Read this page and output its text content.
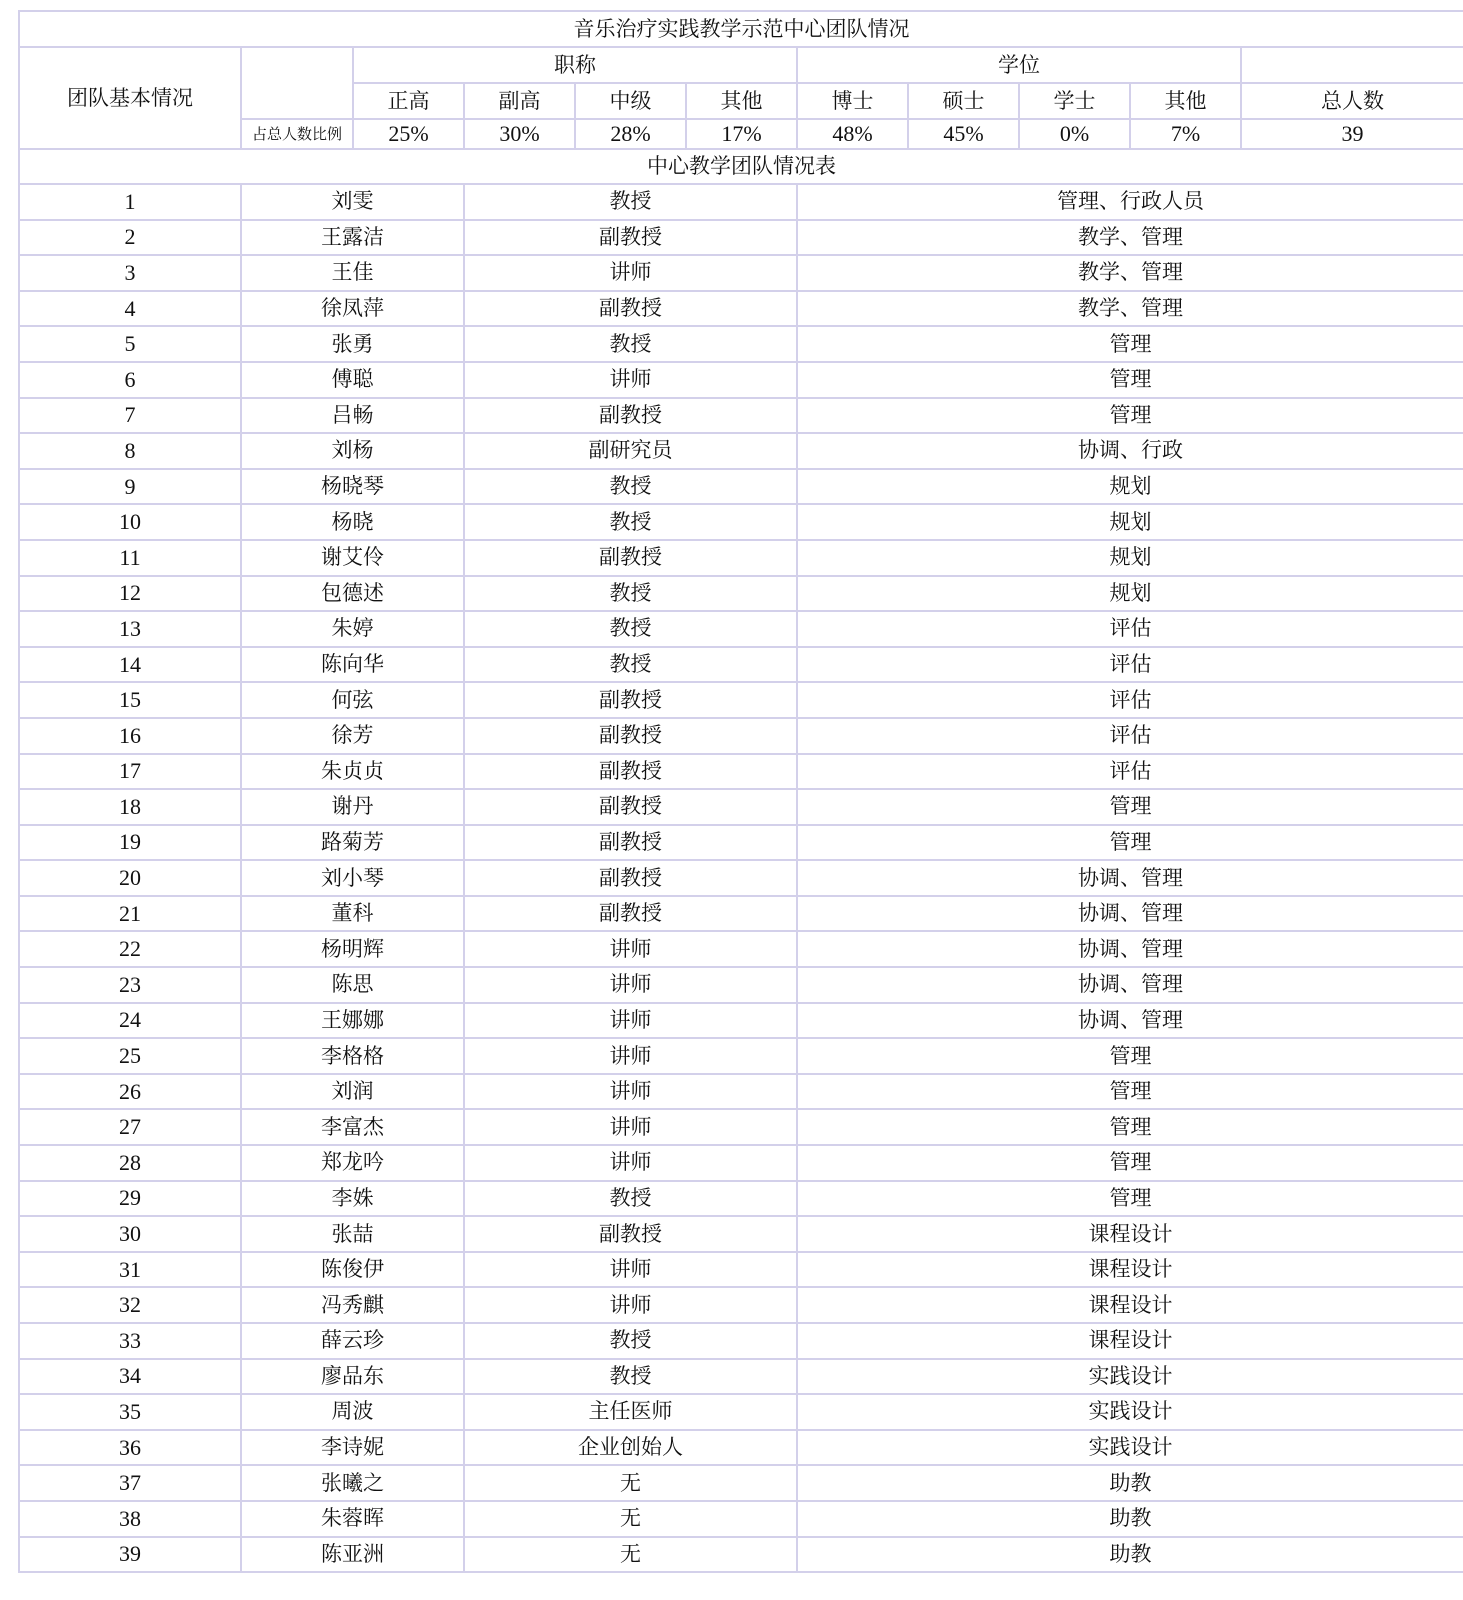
音乐治疗实践教学示范中心团队情况										
团队基本情况		职称				学位				
		正高	副高	中级	其他	博士	硕士	学士	其他	总人数
	占总人数比例	25%	30%	28%	17%	48%	45%	0%	7%	39
中心教学团队情况表										
1	刘雯		教授			管理、行政人员				
2	王露洁		副教授			教学、管理				
3	王佳		讲师			教学、管理				
4	徐凤萍		副教授			教学、管理				
5	张勇		教授			管理				
6	傅聪		讲师			管理				
7	吕畅		副教授			管理				
8	刘杨		副研究员			协调、行政				
9	杨晓琴		教授			规划				
10	杨晓		教授			规划				
11	谢艾伶		副教授			规划				
12	包德述		教授			规划				
13	朱婷		教授			评估				
14	陈向华		教授			评估				
15	何弦		副教授			评估				
16	徐芳		副教授			评估				
17	朱贞贞		副教授			评估				
18	谢丹		副教授			管理				
19	路菊芳		副教授			管理				
20	刘小琴		副教授			协调、管理				
21	董科		副教授			协调、管理				
22	杨明辉		讲师			协调、管理				
23	陈思		讲师			协调、管理				
24	王娜娜		讲师			协调、管理				
25	李格格		讲师			管理				
26	刘润		讲师			管理				
27	李富杰		讲师			管理				
28	郑龙吟		讲师			管理				
29	李姝		教授			管理				
30	张喆		副教授			课程设计				
31	陈俊伊		讲师			课程设计				
32	冯秀麒		讲师			课程设计				
33	薛云珍		教授			课程设计				
34	廖品东		教授			实践设计				
35	周波		主任医师			实践设计				
36	李诗妮		企业创始人			实践设计				
37	张曦之		无			助教				
38	朱蓉晖		无			助教				
39	陈亚洲		无			助教				
